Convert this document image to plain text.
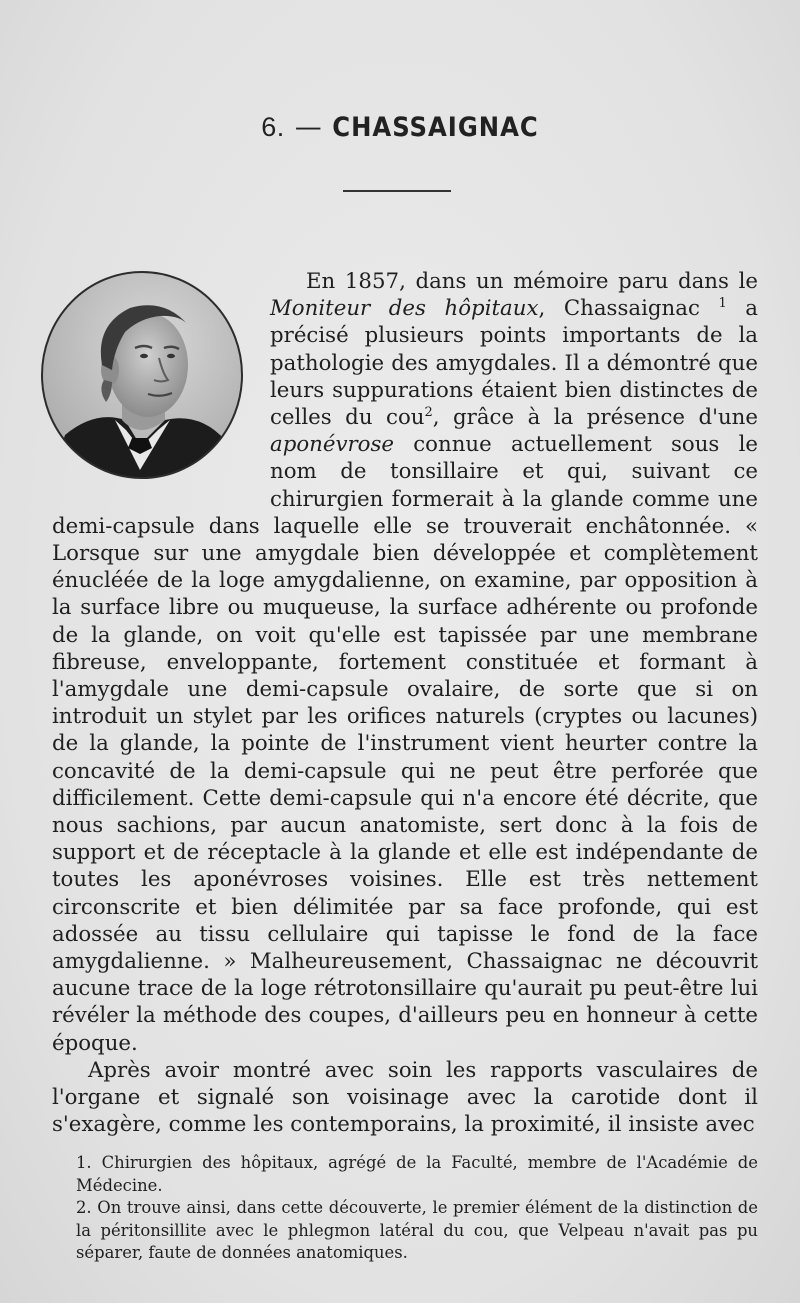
6. — CHASSAIGNAC

En 1857, dans un mémoire paru dans le Moniteur des hôpitaux, Chassaignac $^1$ a précisé plusieurs points importants de la pathologie des amygdales. Il a démontré que leurs suppurations étaient bien distinctes de celles du cou$^2$, grâce à la présence d'une aponévrose connue actuellement sous le nom de tonsillaire et qui, suivant ce chirurgien formerait à la glande comme une demi-capsule dans laquelle elle se trouverait enchâtonnée. « Lorsque sur une amygdale bien développée et complètement énucléée de la loge amygdalienne, on examine, par opposition à la surface libre ou muqueuse, la surface adhérente ou profonde de la glande, on voit qu'elle est tapissée par une membrane fibreuse, enveloppante, fortement constituée et formant à l'amygdale une demi-capsule ovalaire, de sorte que si on introduit un stylet par les orifices naturels (cryptes ou lacunes) de la glande, la pointe de l'instrument vient heurter contre la concavité de la demi-capsule qui ne peut être perforée que difficilement. Cette demi-capsule qui n'a encore été décrite, que nous sachions, par aucun anatomiste, sert donc à la fois de support et de réceptacle à la glande et elle est indépendante de toutes les aponévroses voisines. Elle est très nettement circonscrite et bien délimitée par sa face profonde, qui est adossée au tissu cellulaire qui tapisse le fond de la face amygdalienne. » Malheureusement, Chassaignac ne découvrit aucune trace de la loge rétrotonsillaire qu'aurait pu peut-être lui révéler la méthode des coupes, d'ailleurs peu en honneur à cette époque.

Après avoir montré avec soin les rapports vasculaires de l'organe et signalé son voisinage avec la carotide dont il s'exagère, comme les contemporains, la proximité, il insiste avec

1. Chirurgien des hôpitaux, agrégé de la Faculté, membre de l'Académie de Médecine.

2. On trouve ainsi, dans cette découverte, le premier élément de la distinction de la péritonsillite avec le phlegmon latéral du cou, que Velpeau n'avait pas pu séparer, faute de données anatomiques.
